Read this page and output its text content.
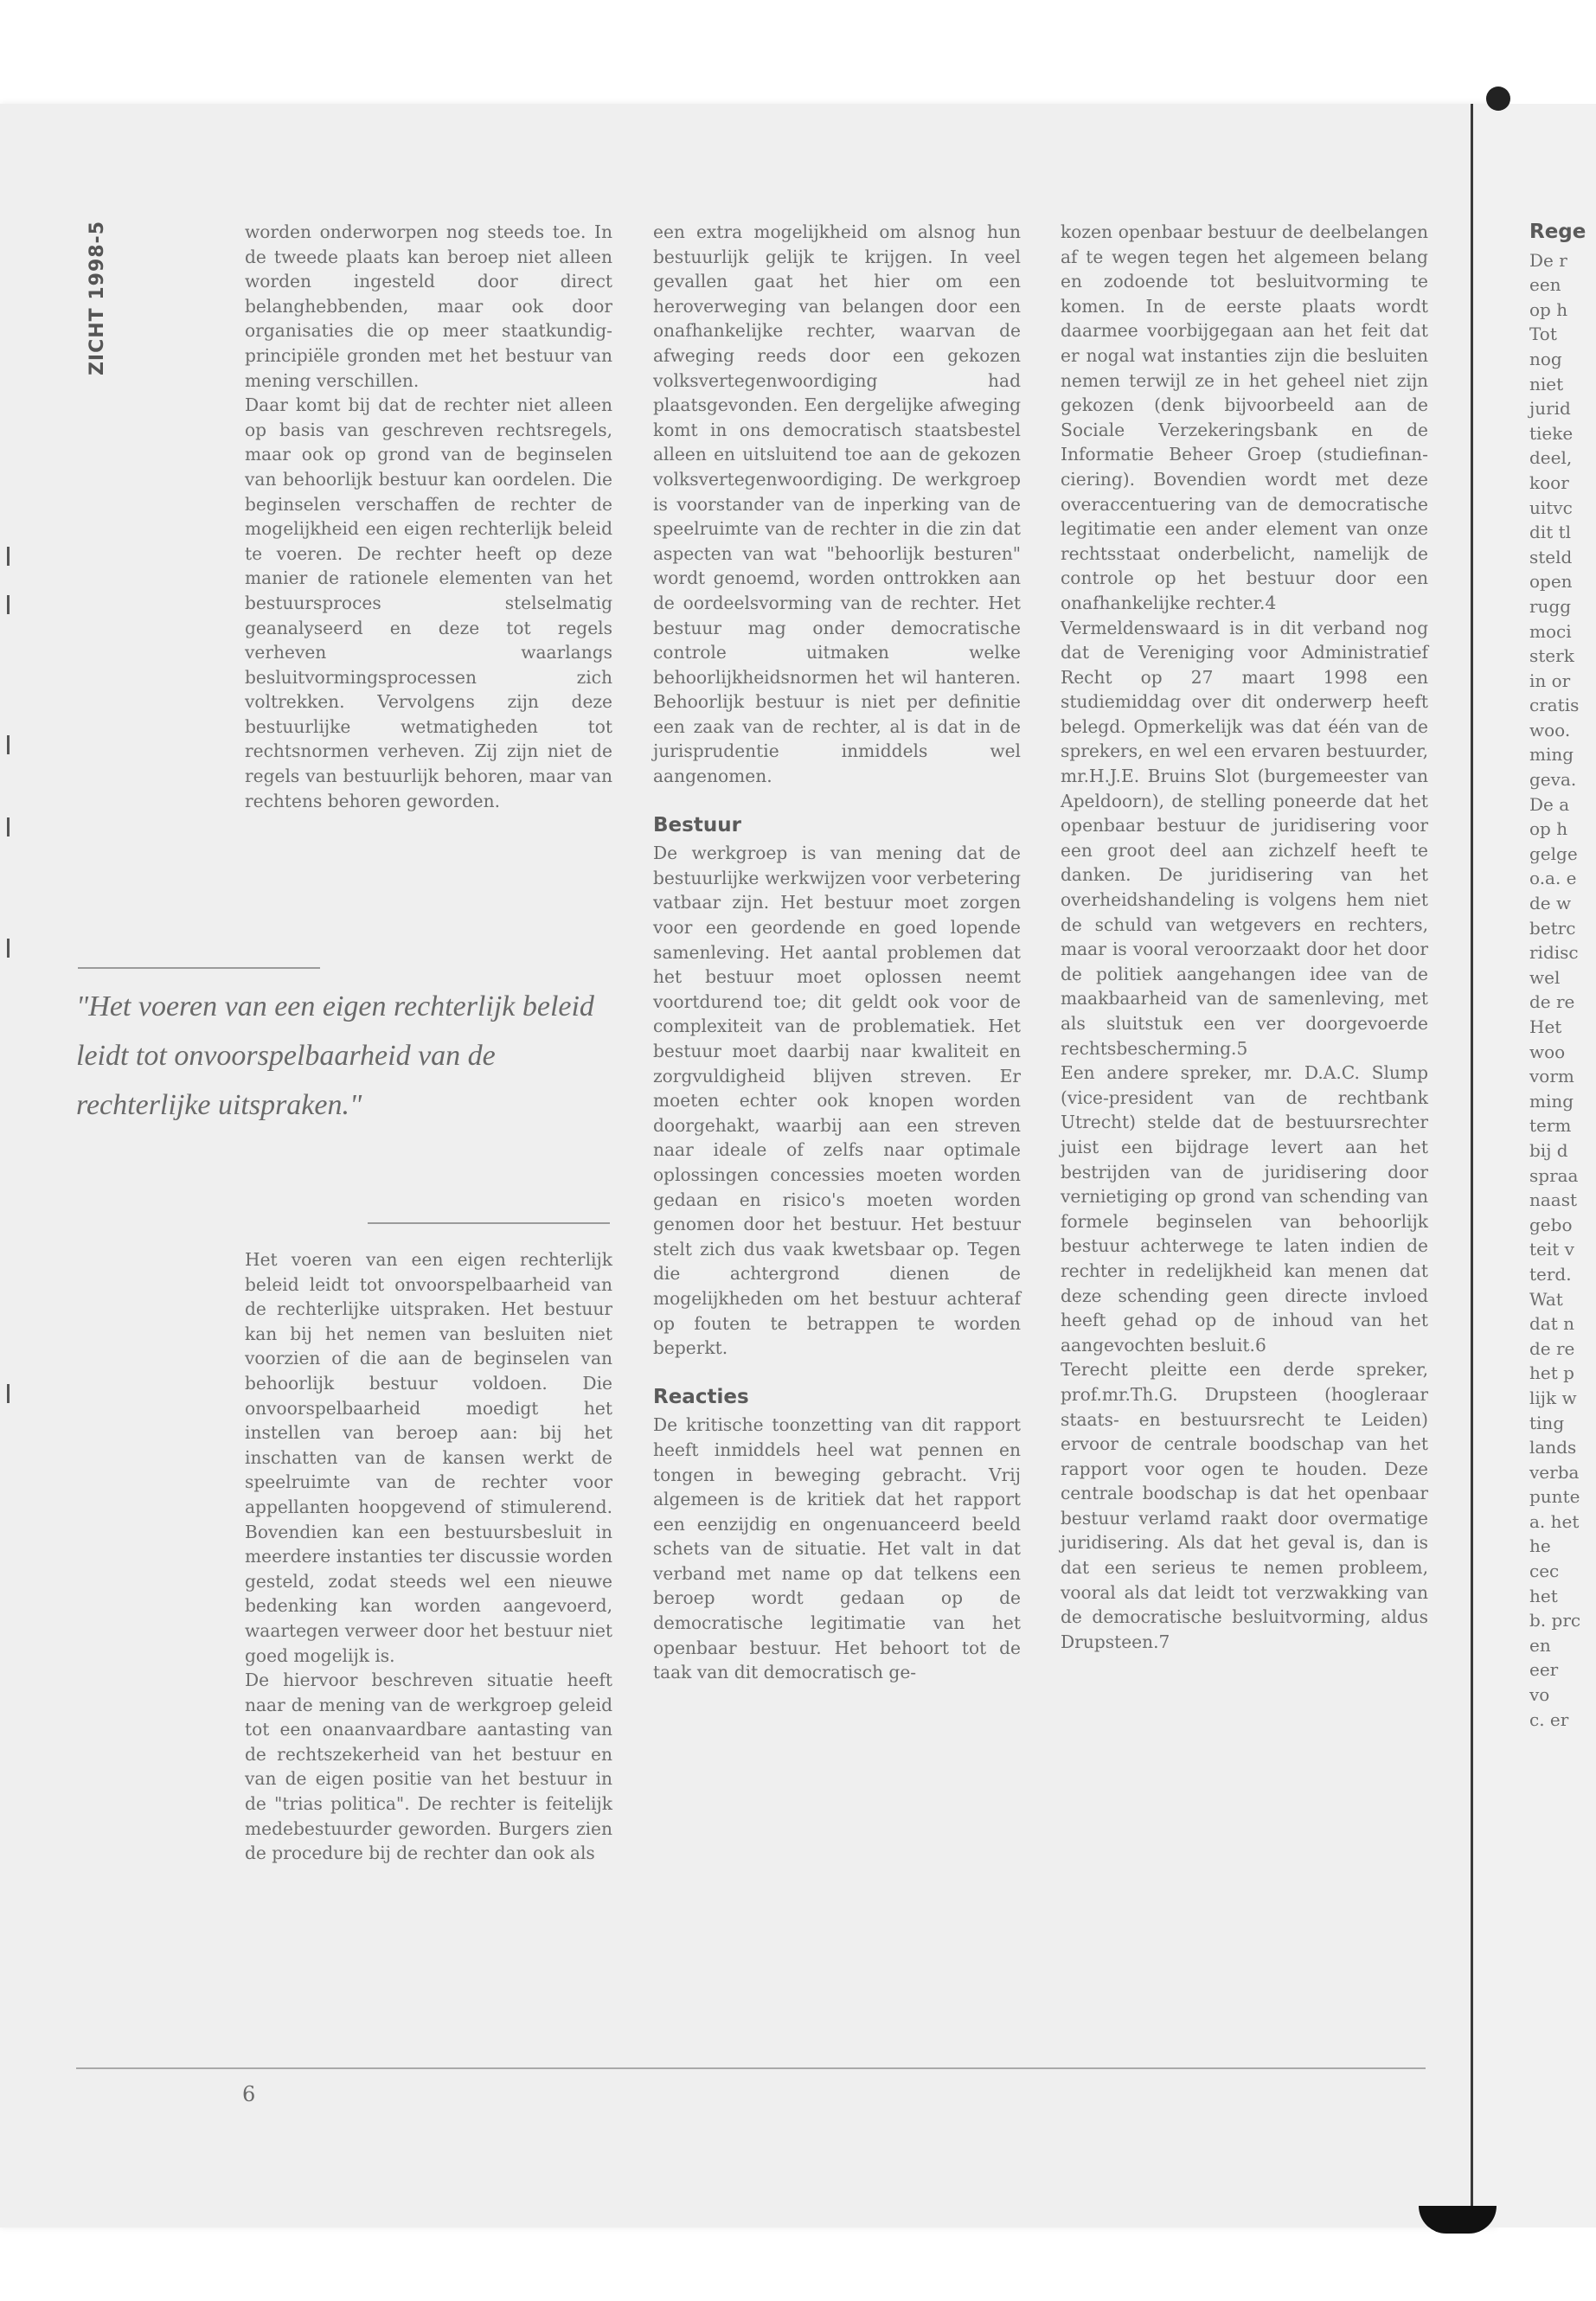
Rege
De r
een
op h
Tot
nog
niet
jurid
tieke
deel,
koor
uitvc
dit tl
steld
open
rugg
moci
sterk
in or
cratis
woo.
ming
geva.
De a
op h
gelge
o.a. e
de w
betrc
ridisc
wel
de re
Het
woo
vorm
ming
term
bij d
spraa
naast
gebo
teit v
terd.
Wat
dat n
de re
het p
lijk w
ting
lands
verba
punte
a. het
he
cec
het
b. prc
en
eer
vo
c. er
ZICHT 1998-5	worden onderworpen nog steeds toe. In de tweede plaats kan beroep niet alleen worden ingesteld door direct belanghebbenden, maar ook door organisaties die op meer staatkundig-principiële gronden met het bestuur van mening verschillen.

Daar komt bij dat de rechter niet alleen op basis van geschreven rechtsregels, maar ook op grond van de beginselen van behoorlijk bestuur kan oordelen. Die beginselen verschaffen de rechter de mogelijkheid een eigen rechterlijk beleid te voeren. De rechter heeft op deze manier de rationele elementen van het bestuursproces stelselmatig geanalyseerd en deze tot regels verheven waarlangs besluitvormingsprocessen zich voltrekken. Vervolgens zijn deze bestuurlijke wetmatigheden tot rechtsnormen verheven. Zij zijn niet de regels van bestuurlijk behoren, maar van rechtens behoren geworden.

"Het voeren van een eigen rechterlijk beleid leidt tot onvoorspelbaarheid van de rechterlijke uitspraken."

Het voeren van een eigen rechterlijk beleid leidt tot onvoorspelbaarheid van de rechterlijke uitspraken. Het bestuur kan bij het nemen van besluiten niet voorzien of die aan de beginselen van behoorlijk bestuur voldoen. Die onvoorspelbaarheid moedigt het instellen van beroep aan: bij het inschatten van de kansen werkt de speelruimte van de rechter voor appellanten hoopgevend of stimulerend. Bovendien kan een bestuursbesluit in meerdere instanties ter discussie worden gesteld, zodat steeds wel een nieuwe bedenking kan worden aangevoerd, waartegen verweer door het bestuur niet goed mogelijk is.

De hiervoor beschreven situatie heeft naar de mening van de werkgroep geleid tot een onaanvaardbare aantasting van de rechtszekerheid van het bestuur en van de eigen positie van het bestuur in de "trias politica". De rechter is feitelijk medebestuurder geworden. Burgers zien de procedure bij de rechter dan ook als

een extra mogelijkheid om alsnog hun bestuurlijk gelijk te krijgen. In veel gevallen gaat het hier om een heroverweging van belangen door een onafhankelijke rechter, waarvan de afweging reeds door een gekozen volksvertegenwoordiging had plaatsgevonden. Een dergelijke afweging komt in ons democratisch staatsbestel alleen en uitsluitend toe aan de gekozen volksvertegenwoordiging. De werkgroep is voorstander van de inperking van de speelruimte van de rechter in die zin dat aspecten van wat "behoorlijk besturen" wordt genoemd, worden onttrokken aan de oordeelsvorming van de rechter. Het bestuur mag onder democratische controle uitmaken welke behoorlijkheidsnormen het wil hanteren. Behoorlijk bestuur is niet per definitie een zaak van de rechter, al is dat in de jurisprudentie inmiddels wel aangenomen.

Bestuur

De werkgroep is van mening dat de bestuurlijke werkwijzen voor verbetering vatbaar zijn. Het bestuur moet zorgen voor een geordende en goed lopende samenleving. Het aantal problemen dat het bestuur moet oplossen neemt voortdurend toe; dit geldt ook voor de complexiteit van de problematiek. Het bestuur moet daarbij naar kwaliteit en zorgvuldigheid blijven streven. Er moeten echter ook knopen worden doorgehakt, waarbij aan een streven naar ideale of zelfs naar optimale oplossingen concessies moeten worden gedaan en risico's moeten worden genomen door het bestuur. Het bestuur stelt zich dus vaak kwetsbaar op. Tegen die achtergrond dienen de mogelijkheden om het bestuur achteraf op fouten te betrappen te worden beperkt.

Reacties

De kritische toonzetting van dit rapport heeft inmiddels heel wat pennen en tongen in beweging gebracht. Vrij algemeen is de kritiek dat het rapport een eenzijdig en ongenuanceerd beeld schets van de situatie. Het valt in dat verband met name op dat telkens een beroep wordt gedaan op de democratische legitimatie van het openbaar bestuur. Het behoort tot de taak van dit democratisch ge-

kozen openbaar bestuur de deelbelangen af te wegen tegen het algemeen belang en zodoende tot besluitvorming te komen. In de eerste plaats wordt daarmee voorbijgegaan aan het feit dat er nogal wat instanties zijn die besluiten nemen terwijl ze in het geheel niet zijn gekozen (denk bijvoorbeeld aan de Sociale Verzekeringsbank en de Informatie Beheer Groep (studiefinan- ciering). Bovendien wordt met deze overaccentuering van de democratische legitimatie een ander element van onze rechtsstaat onderbelicht, namelijk de controle op het bestuur door een onafhankelijke rechter.4

Vermeldenswaard is in dit verband nog dat de Vereniging voor Administratief Recht op 27 maart 1998 een studiemiddag over dit onderwerp heeft belegd. Opmerkelijk was dat één van de sprekers, en wel een ervaren bestuurder, mr.H.J.E. Bruins Slot (burgemeester van Apeldoorn), de stelling poneerde dat het openbaar bestuur de juridisering voor een groot deel aan zichzelf heeft te danken. De juridisering van het overheidshandeling is volgens hem niet de schuld van wetgevers en rechters, maar is vooral veroorzaakt door het door de politiek aangehangen idee van de maakbaarheid van de samenleving, met als sluitstuk een ver doorgevoerde rechtsbescherming.5

Een andere spreker, mr. D.A.C. Slump (vice-president van de rechtbank Utrecht) stelde dat de bestuursrechter juist een bijdrage levert aan het bestrijden van de juridisering door vernietiging op grond van schending van formele beginselen van behoorlijk bestuur achterwege te laten indien de rechter in redelijkheid kan menen dat deze schending geen directe invloed heeft gehad op de inhoud van het aangevochten besluit.6

Terecht pleitte een derde spreker, prof.mr.Th.G. Drupsteen (hoogleraar staats- en bestuursrecht te Leiden) ervoor de centrale boodschap van het rapport voor ogen te houden. Deze centrale boodschap is dat het openbaar bestuur verlamd raakt door overmatige juridisering. Als dat het geval is, dan is dat een serieus te nemen probleem, vooral als dat leidt tot verzwakking van de democratische besluitvorming, aldus Drupsteen.7

6
